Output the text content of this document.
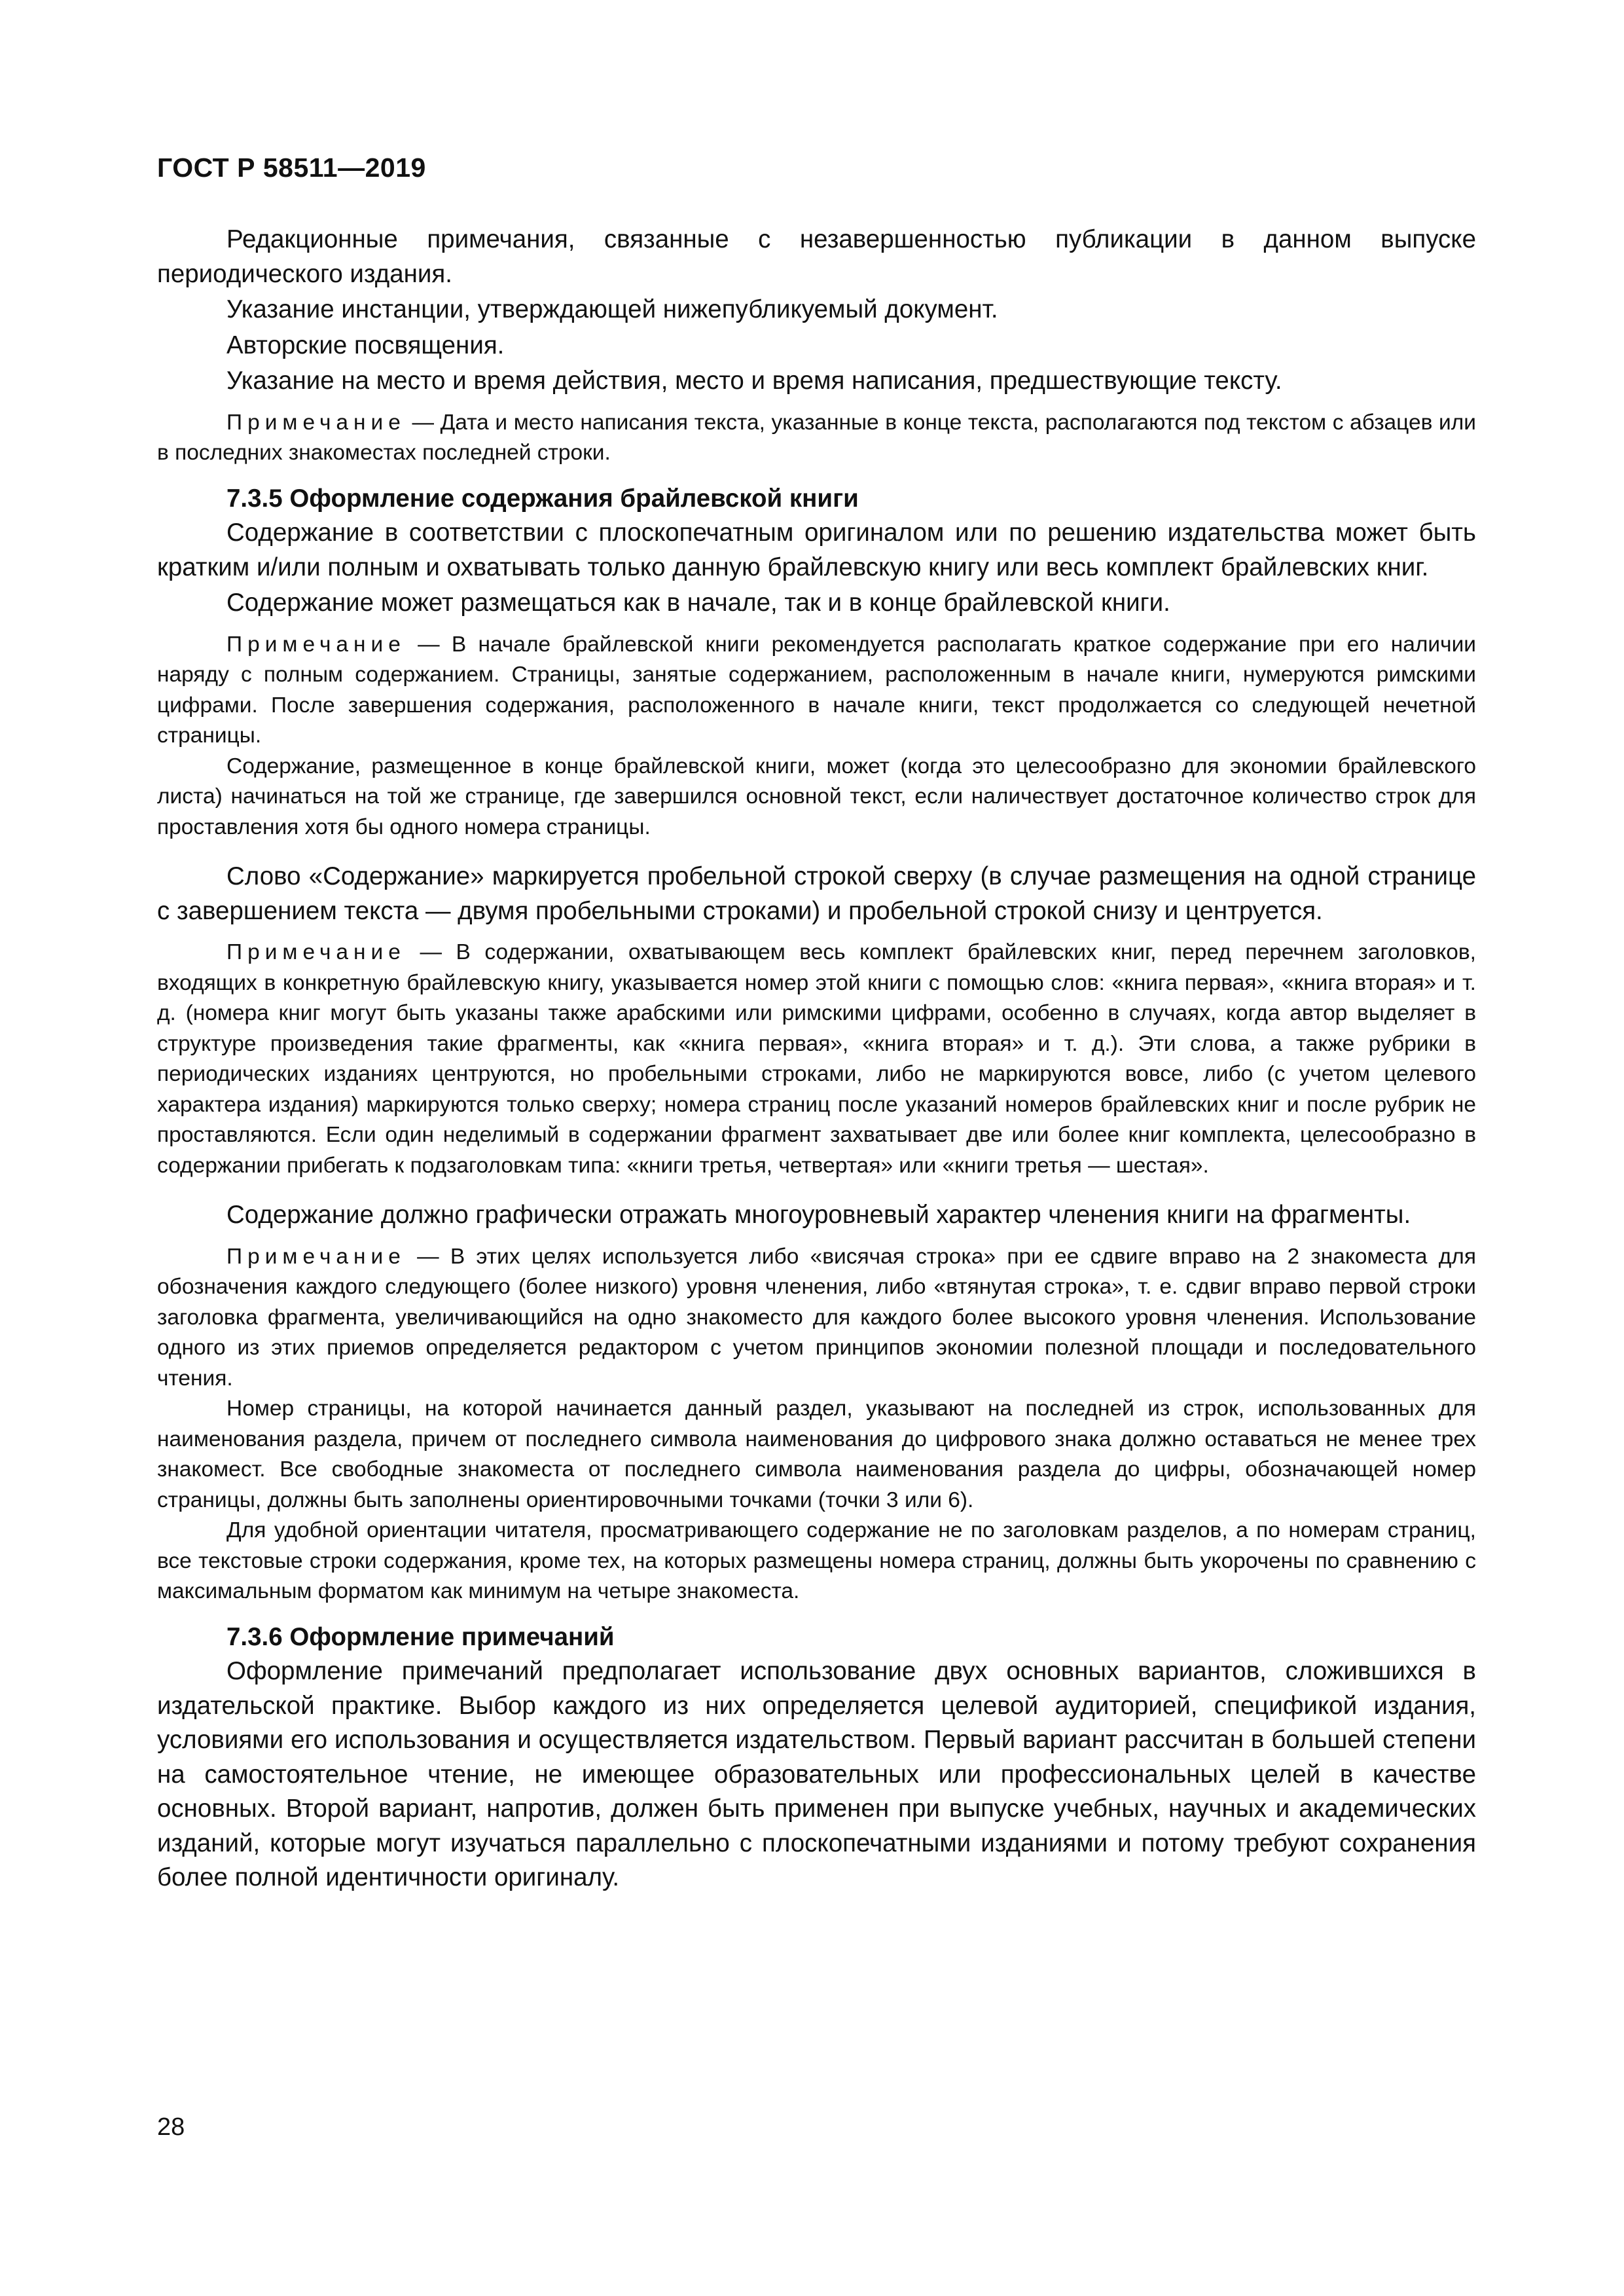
ГОСТ Р 58511—2019

Редакционные примечания, связанные с незавершенностью публикации в данном выпуске периодического издания.

Указание инстанции, утверждающей нижепубликуемый документ.

Авторские посвящения.

Указание на место и время действия, место и время написания, предшествующие тексту.

Примечание — Дата и место написания текста, указанные в конце текста, располагаются под текстом с абзацев или в последних знакоместах последней строки.

7.3.5 Оформление содержания брайлевской книги

Содержание в соответствии с плоскопечатным оригиналом или по решению издательства может быть кратким и/или полным и охватывать только данную брайлевскую книгу или весь комплект брайлевских книг.

Содержание может размещаться как в начале, так и в конце брайлевской книги.

Примечание — В начале брайлевской книги рекомендуется располагать краткое содержание при его наличии наряду с полным содержанием. Страницы, занятые содержанием, расположенным в начале книги, нумеруются римскими цифрами. После завершения содержания, расположенного в начале книги, текст продолжается со следующей нечетной страницы.

Содержание, размещенное в конце брайлевской книги, может (когда это целесообразно для экономии брайлевского листа) начинаться на той же странице, где завершился основной текст, если наличествует достаточное количество строк для проставления хотя бы одного номера страницы.

Слово «Содержание» маркируется пробельной строкой сверху (в случае размещения на одной странице с завершением текста — двумя пробельными строками) и пробельной строкой снизу и центруется.

Примечание — В содержании, охватывающем весь комплект брайлевских книг, перед перечнем заголовков, входящих в конкретную брайлевскую книгу, указывается номер этой книги с помощью слов: «книга первая», «книга вторая» и т. д. (номера книг могут быть указаны также арабскими или римскими цифрами, особенно в случаях, когда автор выделяет в структуре произведения такие фрагменты, как «книга первая», «книга вторая» и т. д.). Эти слова, а также рубрики в периодических изданиях центруются, но пробельными строками, либо не маркируются вовсе, либо (с учетом целевого характера издания) маркируются только сверху; номера страниц после указаний номеров брайлевских книг и после рубрик не проставляются. Если один неделимый в содержании фрагмент захватывает две или более книг комплекта, целесообразно в содержании прибегать к подзаголовкам типа: «книги третья, четвертая» или «книги третья — шестая».

Содержание должно графически отражать многоуровневый характер членения книги на фрагменты.

Примечание — В этих целях используется либо «висячая строка» при ее сдвиге вправо на 2 знакоместа для обозначения каждого следующего (более низкого) уровня членения, либо «втянутая строка», т. е. сдвиг вправо первой строки заголовка фрагмента, увеличивающийся на одно знакоместо для каждого более высокого уровня членения. Использование одного из этих приемов определяется редактором с учетом принципов экономии полезной площади и последовательного чтения.

Номер страницы, на которой начинается данный раздел, указывают на последней из строк, использованных для наименования раздела, причем от последнего символа наименования до цифрового знака должно оставаться не менее трех знакомест. Все свободные знакоместа от последнего символа наименования раздела до цифры, обозначающей номер страницы, должны быть заполнены ориентировочными точками (точки 3 или 6).

Для удобной ориентации читателя, просматривающего содержание не по заголовкам разделов, а по номерам страниц, все текстовые строки содержания, кроме тех, на которых размещены номера страниц, должны быть укорочены по сравнению с максимальным форматом как минимум на четыре знакоместа.

7.3.6 Оформление примечаний

Оформление примечаний предполагает использование двух основных вариантов, сложившихся в издательской практике. Выбор каждого из них определяется целевой аудиторией, спецификой издания, условиями его использования и осуществляется издательством. Первый вариант рассчитан в большей степени на самостоятельное чтение, не имеющее образовательных или профессиональных целей в качестве основных. Второй вариант, напротив, должен быть применен при выпуске учебных, научных и академических изданий, которые могут изучаться параллельно с плоскопечатными изданиями и потому требуют сохранения более полной идентичности оригиналу.

28
